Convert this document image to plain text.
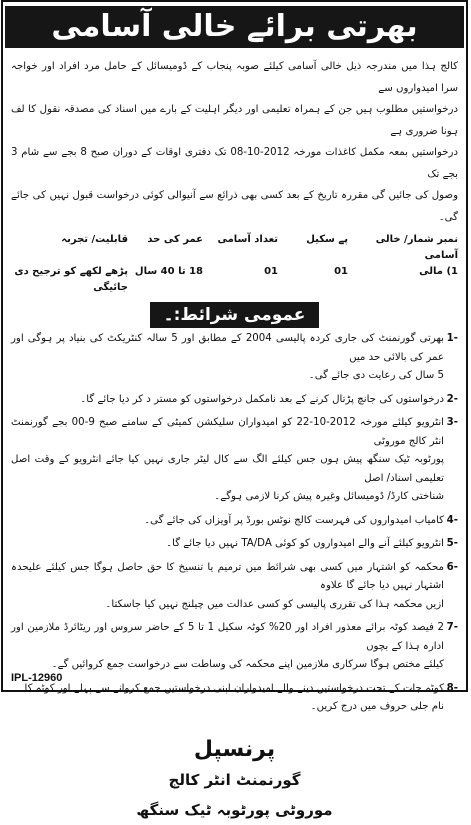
بھرتی برائے خالی آسامی

کالج ہذا میں مندرجہ ذیل خالی آسامی کیلئے صوبہ پنجاب کے ڈومیسائل کے حامل مرد افراد اور خواجہ سرا امیدواروں سے

درخواستیں مطلوب ہیں جن کے ہمراہ تعلیمی اور دیگر اہلیت کے بارے میں اسناد کی مصدقہ نقول کا لف ہونا ضروری ہے

درخواستیں بمعہ مکمل کاغذات مورخہ 2012-10-08 تک دفتری اوقات کے دوران صبح 8 بجے سے شام 3 بجے تک

وصول کی جائیں گی مقررہ تاریخ کے بعد کسی بھی ذرائع سے آنیوالی کوئی درخواست قبول نہیں کی جائے گی۔

نمبر شمار/ خالی آسامی
پے سکیل
تعداد آسامی
عمر کی حد
قابلیت/ تجربہ
1) مالی
01
01
18 تا 40 سال
پڑھے لکھے کو ترجیح دی جائیگی
عمومی شرائط:۔
-1

بھرتی گورنمنٹ کی جاری کردہ پالیسی 2004 کے مطابق اور 5 سالہ کنٹریکٹ کی بنیاد پر ہوگی اور عمر کی بالائی حد میں

5 سال کی رعایت دی جائے گی۔

-2

درخواستوں کی جانچ پڑتال کرنے کے بعد نامکمل درخواستوں کو مستر د کر دیا جائے گا۔

-3

انٹرویو کیلئے مورخہ 2012-10-22 کو امیدواران سلیکشن کمیٹی کے سامنے صبح 9-00 بجے گورنمنٹ انٹر کالج موروٹی

پورٹوبہ ٹیک سنگھ پیش ہوں جس کیلئے الگ سے کال لیٹر جاری نہیں کیا جائے انٹرویو کے وقت اصل تعلیمی اسناد/ اصل

شناختی کارڈ/ ڈومیسائل وغیرہ پیش کرنا لازمی ہوگے۔

-4

کامیاب امیدواروں کی فہرست کالج نوٹس بورڈ پر آویزاں کی جائے گی۔

-5

انٹرویو کیلئے آنے والے امیدواروں کو کوئی TA/DA نہیں دیا جائے گا۔

-6

محکمہ کو اشتہار میں کسی بھی شرائط میں ترمیم یا تنسیخ کا حق حاصل ہوگا جس کیلئے علیحدہ اشتہار نہیں دیا جائے گا علاوہ

ازیں محکمہ ہذا کی تقرری پالیسی کو کسی عدالت میں چیلنج نہیں کیا جاسکتا۔

-7

2 فیصد کوٹہ برائے معذور افراد اور 20% کوٹہ سکیل 1 تا 5 کے حاضر سروس اور ریٹائرڈ ملازمین اور ادارہ ہذا کے بچوں

کیلئے مختص ہوگا سرکاری ملازمین اپنے محکمہ کی وساطت سے درخواست جمع کروائیں گے۔

-8

کوٹہ جات کے تحت درخواستیں دینے والے امیدواران اپنی درخواستیں جمع کروانے سے پہلے اور کوٹہ کا

نام جلی حروف میں درج کریں۔

پرنسپل
گورنمنٹ انٹر کالج
موروٹی پورٹوبہ ٹیک سنگھ
IPL-12960
